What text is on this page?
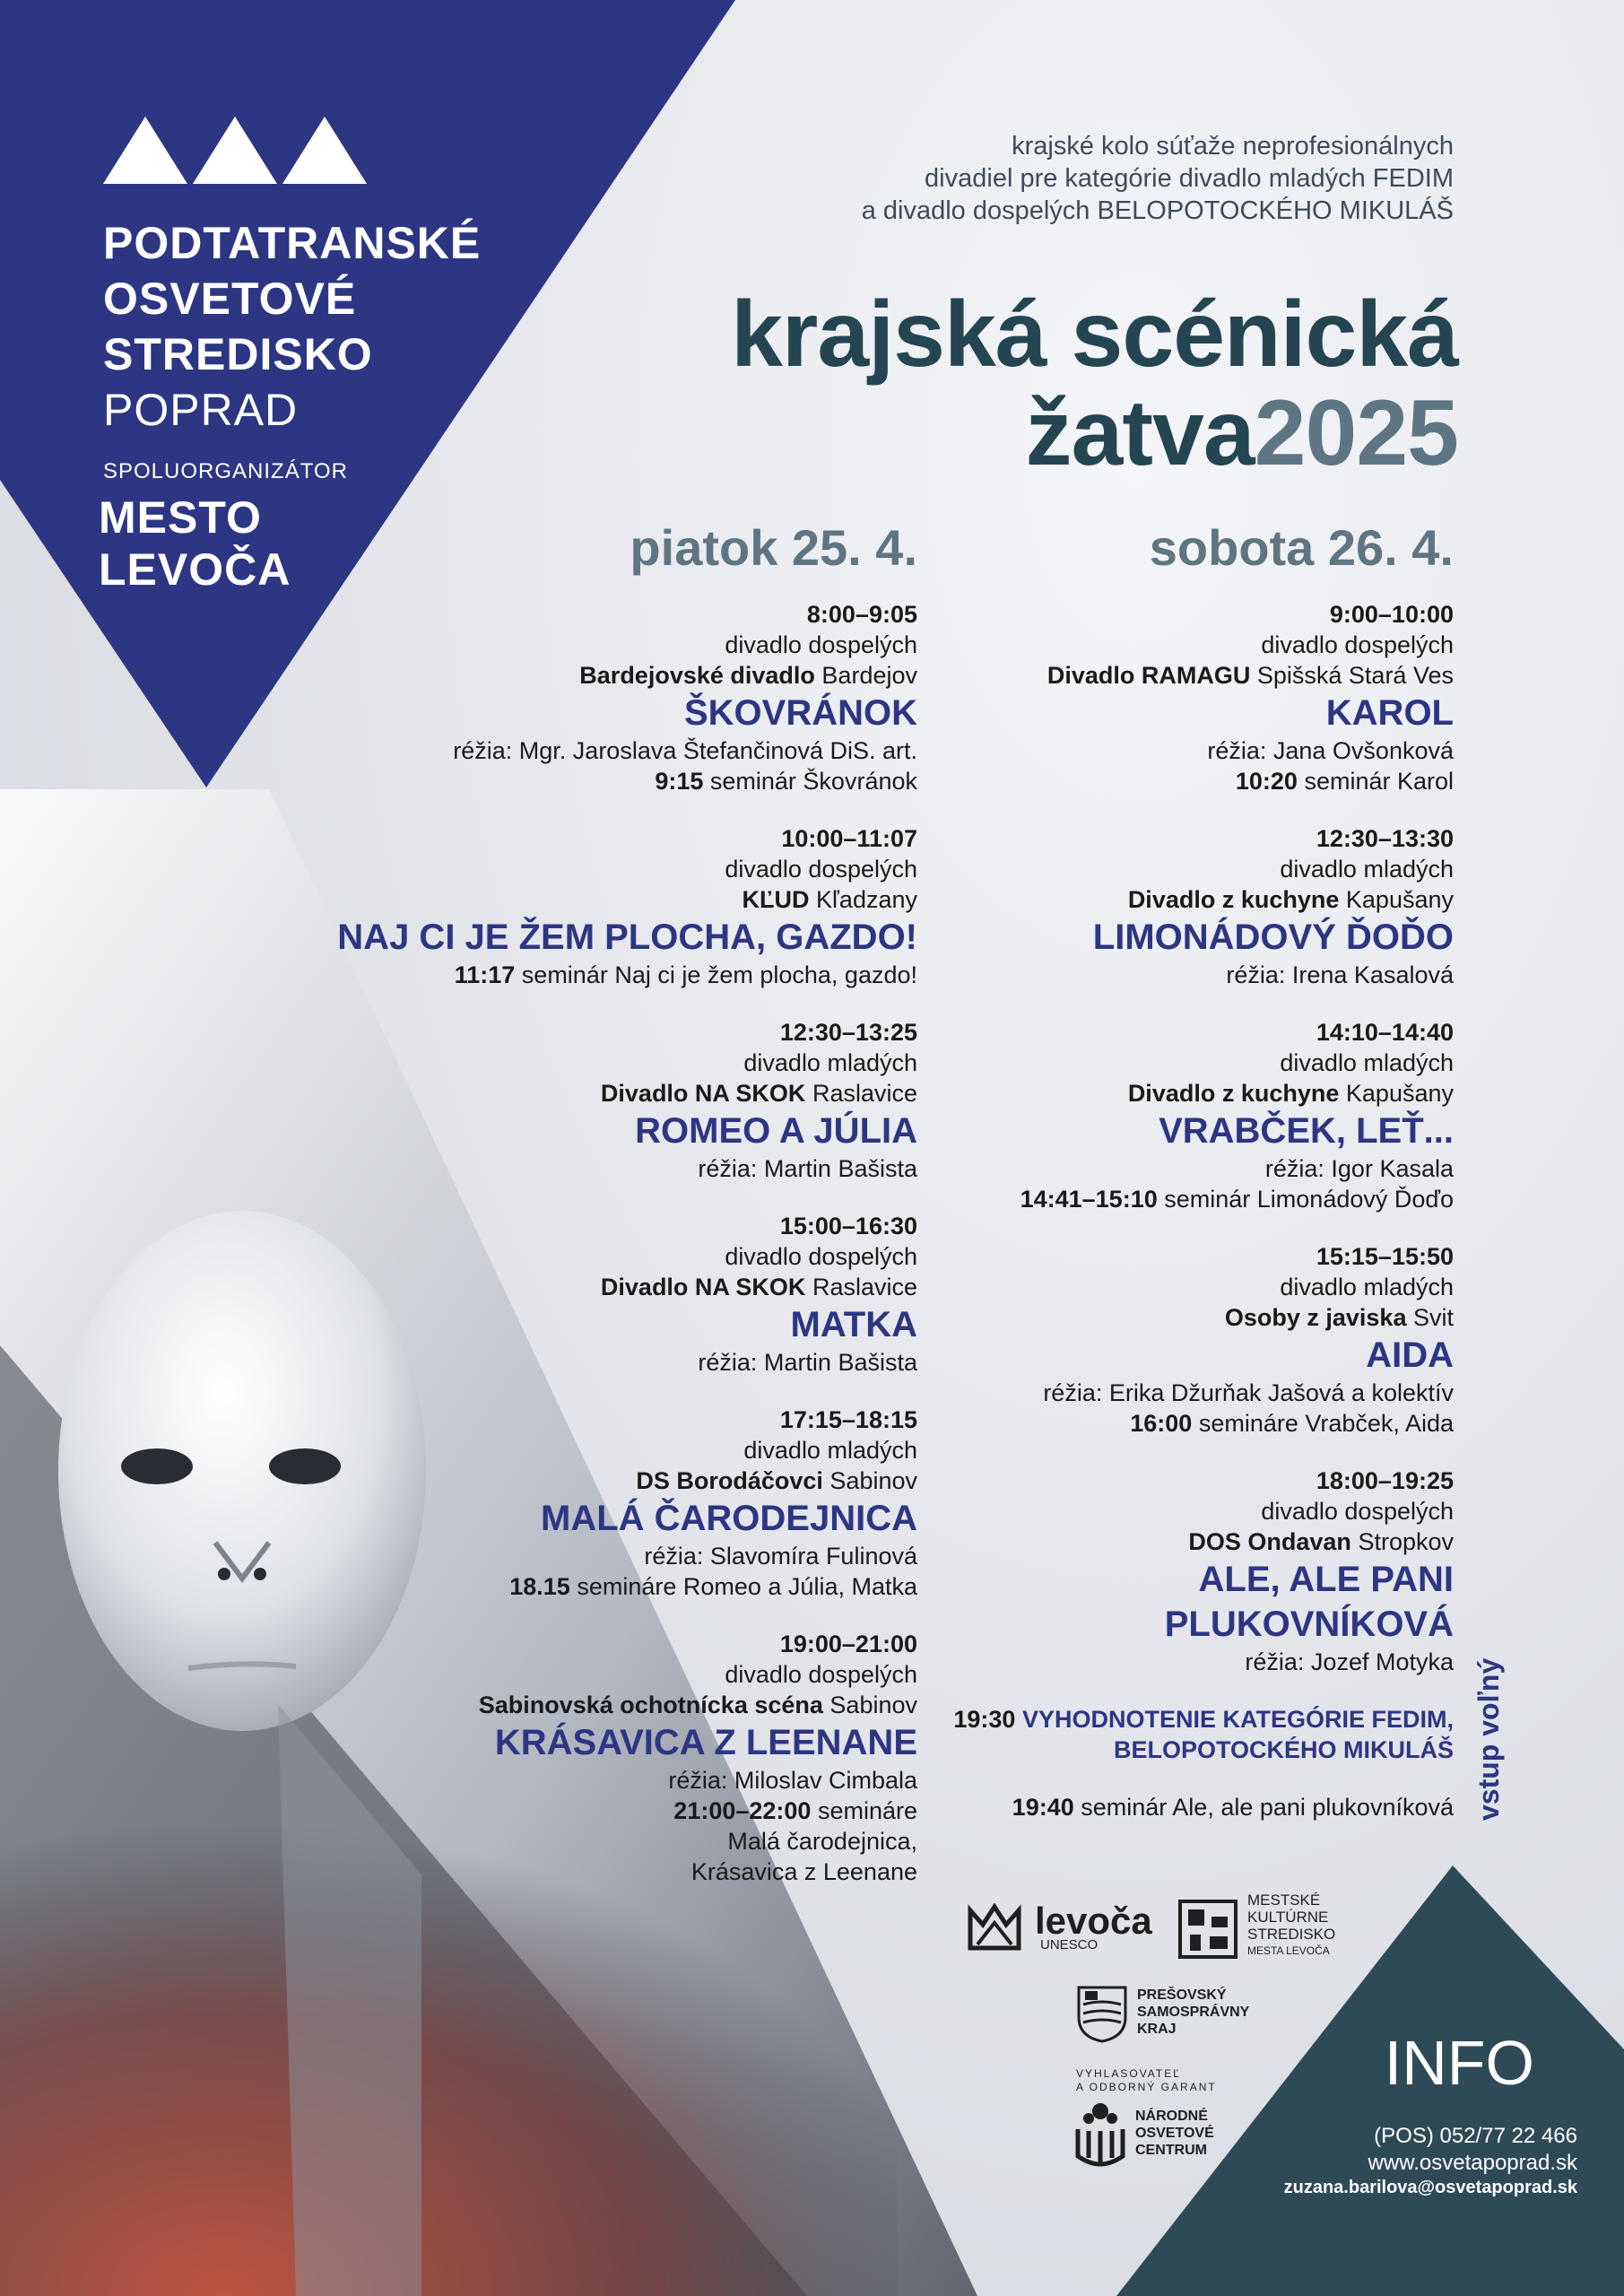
PODTATRANSKÉ
OSVETOVÉ
STREDISKO
POPRAD
SPOLUORGANIZÁTOR
MESTO
LEVOČA
krajské kolo súťaže neprofesionálnych
divadiel pre kategórie divadlo mladých FEDIM
a divadlo dospelých BELOPOTOCKÉHO MIKULÁŠ
krajská scénická
žatva2025
piatok 25. 4.	sobota 26. 4.
8:00–9:05
divadlo dospelých
Bardejovské divadlo Bardejov
ŠKOVRÁNOK
réžia: Mgr. Jaroslava Štefančinová DiS. art.
9:15 seminár Škovránok
10:00–11:07
divadlo dospelých
KĽUD Kľadzany
NAJ CI JE ŽEM PLOCHA, GAZDO!
11:17 seminár Naj ci je žem plocha, gazdo!
12:30–13:25
divadlo mladých
Divadlo NA SKOK Raslavice
ROMEO A JÚLIA
réžia: Martin Bašista
15:00–16:30
divadlo dospelých
Divadlo NA SKOK Raslavice
MATKA
réžia: Martin Bašista
17:15–18:15
divadlo mladých
DS Borodáčovci Sabinov
MALÁ ČARODEJNICA
réžia: Slavomíra Fulinová
18.15 semináre Romeo a Júlia, Matka
19:00–21:00
divadlo dospelých
Sabinovská ochotnícka scéna Sabinov
KRÁSAVICA Z LEENANE
réžia: Miloslav Cimbala
21:00–22:00 semináre
Malá čarodejnica,
Krásavica z Leenane
9:00–10:00
divadlo dospelých
Divadlo RAMAGU Spišská Stará Ves
KAROL
réžia: Jana Ovšonková
10:20 seminár Karol
12:30–13:30
divadlo mladých
Divadlo z kuchyne Kapušany
LIMONÁDOVÝ ĎOĎO
réžia: Irena Kasalová
14:10–14:40
divadlo mladých
Divadlo z kuchyne Kapušany
VRABČEK, LEŤ...
réžia: Igor Kasala
14:41–15:10 seminár Limonádový Ďoďo
15:15–15:50
divadlo mladých
Osoby z javiska Svit
AIDA
réžia: Erika Džurňak Jašová a kolektív
16:00 semináre Vrabček, Aida
18:00–19:25
divadlo dospelých
DOS Ondavan Stropkov
ALE, ALE PANI
PLUKOVNÍKOVÁ
réžia: Jozef Motyka
19:30 VYHODNOTENIE KATEGÓRIE FEDIM,
BELOPOTOCKÉHO MIKULÁŠ
19:40 seminár Ale, ale pani plukovníková vstup voľný
levoča
UNESCO
MESTSKÉ
KULTÚRNE
STREDISKO
MESTA LEVOČA
PREŠOVSKÝ
SAMOSPRÁVNY
KRAJ
VYHLASOVATEĽ
A ODBORNÝ GARANT
NÁRODNÉ
OSVETOVÉ
CENTRUM
INFO
(POS) 052/77 22 466
www.osvetapoprad.sk
zuzana.barilova@osvetapoprad.sk
